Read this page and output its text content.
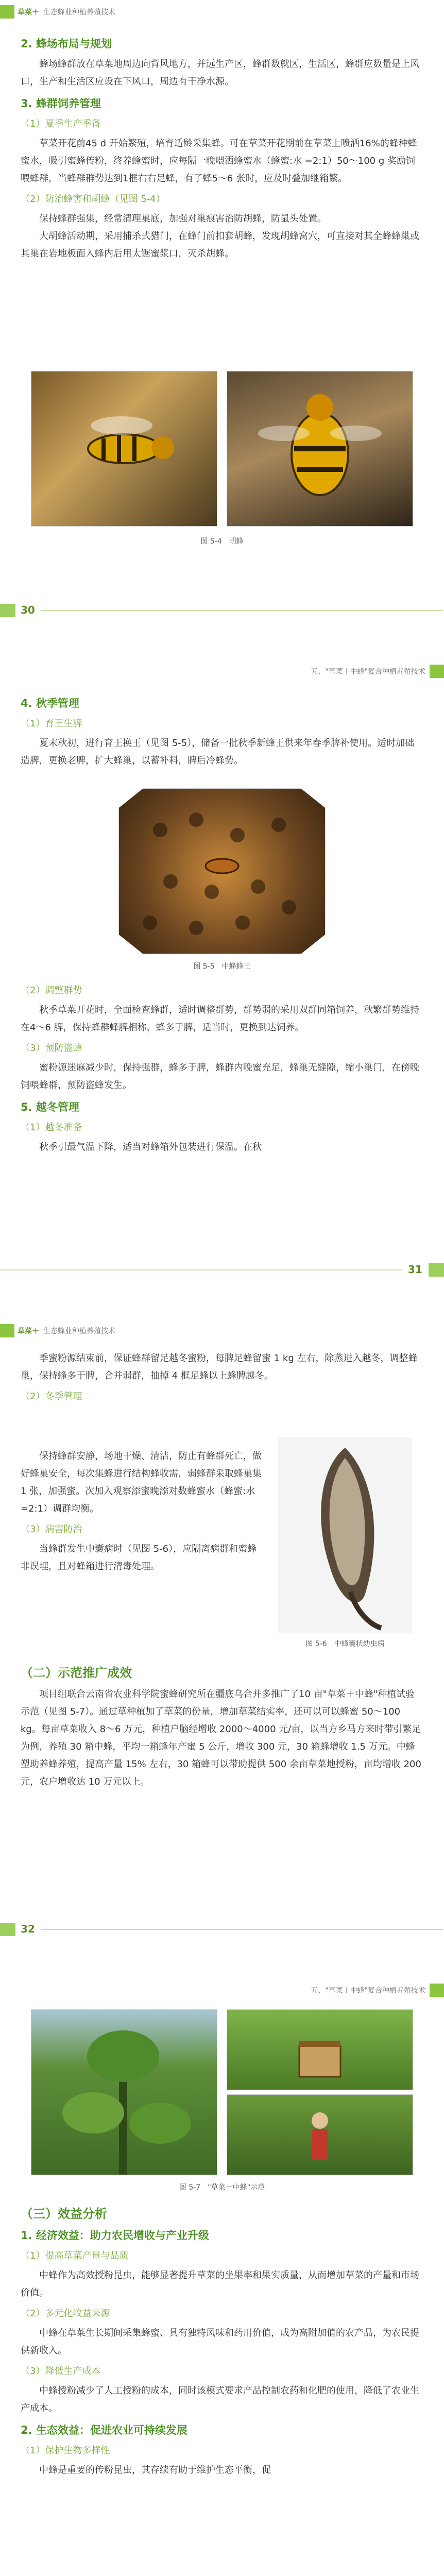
草菜＋ 生态蜂业种植养殖技术
2. 蜂场布局与规划

蜂场蜂群放在草菜地周边向背风地方，并远生产区，蜂群数就区，生活区，蜂群应数量是上风口，生产和生活区应设在下风口，周边有干净水源。

3. 蜂群饲养管理
（1）夏季生产季备

草菜开花前45 d 开始繁殖，培育适龄采集蜂。可在草菜开花期前在草菜上喷洒16%的蜂种蜂蜜水，吸引蜜蜂传粉，终养蜂蜜时，应每隔一晚喂洒蜂蜜水（蜂蜜:水 =2:1）50～100 g 奖励饲喂蜂群，当蜂群群势达到1框右右足蜂，有了蜂5～6 张时，应及时叠加继箱繁。

（2）防治蜂害和胡蜂（见图 5-4）

保持蜂群强集，经常清理巢底，加强对巢痕害治防胡蜂，防鼠头处置。

大胡蜂活动期，采用捕杀式猎门，在蜂门前扣套胡蜂，发现胡蜂窝穴，可直接对其全蜂蜂巢或其巢在岩地板面入蜂内后用太锯蜜浆口，灭杀胡蜂。

图 5-4　胡蜂
30
五、"草菜＋中蜂"复合种植养殖技术
4. 秋季管理
（1）育王生脾

夏末秋初，进行育王换王（见图 5-5），储备一批秋季新蜂王供来年春季脾补使用。适时加础造脾，更换老脾，扩大蜂巢，以蓄补料，脾后冷蜂势。

图 5-5　中蜂蜂王
（2）调整群势

秋季草菜开花时，全面检查蜂群，适时调整群势，群势弱的采用双群同箱饲养，秋繁群势维持在4～6 脾，保持蜂群蜂脾相称，蜂多于脾，适当时，更换到达饲养。

（3）预防盗蜂

蜜粉源迷麻减少时，保持强群，蜂多于脾，蜂群内晚蜜充足，蜂巢无缝隙，缩小巢门，在傍晚饲喂蜂群，预防盗蜂发生。

5. 越冬管理
（1）越冬准备

秋季引最气温下降，适当对蜂箱外包装进行保温。在秋

31
草菜＋ 生态蜂业种植养殖技术

季蜜粉源结束前，保证蜂群留足越冬蜜粉，每脾足蜂留蜜 1 kg 左右，除蒸进入越冬，调整蜂巢，保持蜂多于脾，合并弱群，抽掉 4 框足蜂以上蜂脾越冬。

（2）冬季管理

保持蜂群安静，场地干燥、清洁，防止有蜂群死亡，做好蜂巢安全，每次集蜂进行结构蜂收需，弱蜂群采取蜂巢集1 张，加强蜜。次加入观察添蜜晚添对数蜂蜜水（蜂蜜:水 =2:1）调群均衡。

（3）病害防治

当蜂群发生中囊病时（见图 5-6），应隔离病群和蜜蜂非误埋，且对蜂箱进行清毒处理。

图 5-6　中蜂囊状幼虫病
（二）示范推广成效

项目组联合云南省农业科学院蜜蜂研究所在疆底乌合并多推广了10 亩"草菜＋中蜂"种植试验示范（见图 5-7）。通过草种植加了草菜的份量，增加草菜结实率，还可以可以蜂蜜 50～100 kg。每亩草菜收入 8～6 万元，种植户脑经增收 2000～4000 元/亩，以当方乡马方来时带引繁足为例，养殖 30 箱中蜂，平均一箱蜂年产蜜 5 公斤，增收 300 元，30 箱蜂增收 1.5 万元。中蜂塑助养蜂养殖，提高产量 15% 左右，30 箱蜂可以带助提供 500 余亩草菜地授粉，亩均增收 200 元，农户增收达 10 万元以上。

32
五、"草菜＋中蜂"复合种植养殖技术
图 5-7　"草菜＋中蜂"示范
（三）效益分析
1. 经济效益：助力农民增收与产业升级
（1）提高草菜产量与品质

中蜂作为高效授粉昆虫，能够显著提升草菜的坐果率和果实质量，从而增加草菜的产量和市场价值。

（2）多元化收益来源

中蜂在草菜生长期间采集蜂蜜、具有独特风味和药用价值，成为高附加值的农产品，为农民提供新收入。

（3）降低生产成本

中蜂授粉减少了人工授粉的成本，同时该模式要求产品控制农药和化肥的使用，降低了农业生产成本。

2. 生态效益：促进农业可持续发展
（1）保护生物多样性

中蜂是重要的传粉昆虫，其存续有助于维护生态平衡，促
